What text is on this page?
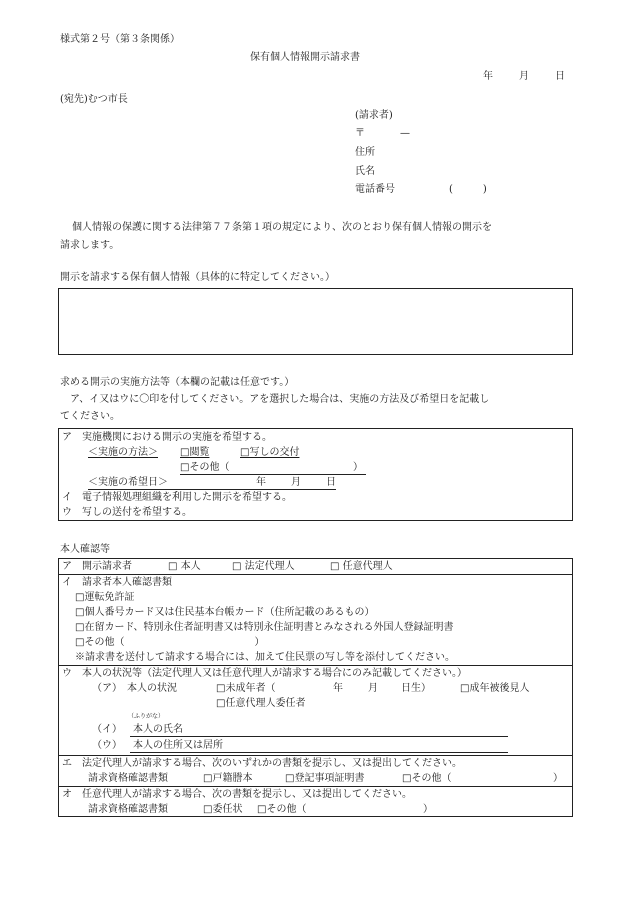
様式第２号（第３条関係）
保有個人情報開示請求書
年	月	日
(宛先)むつ市長
(請求者)
〒	—
住所
氏名
電話番号	(　　　)
個人情報の保護に関する法律第７７条第１項の規定により、次のとおり保有個人情報の開示を
請求します。
開示を請求する保有個人情報（具体的に特定してください。）
求める開示の実施方法等（本欄の記載は任意です。）
ア、イ又はウに〇印を付してください。アを選択した場合は、実施の方法及び希望日を記載し
てください。
ア　実施機関における開示の実施を希望する。
＜実施の方法＞ □閲覧	□写しの交付
□その他（	）
＜実施の希望日＞	年	月	日
イ　電子情報処理組織を利用した開示を希望する。
ウ　写しの送付を希望する。
本人確認等
ア　開示請求者	□ 本人	□ 法定代理人	□ 任意代理人
イ　請求者本人確認書類
□運転免許証
□個人番号カード又は住民基本台帳カード（住所記載のあるもの）
□在留カード、特別永住者証明書又は特別永住証明書とみなされる外国人登録証明書
□その他（　　　　　　　　　　　　　）
※請求書を送付して請求する場合には、加えて住民票の写し等を添付してください。
ウ　本人の状況等（法定代理人又は任意代理人が請求する場合にのみ記載してください。）
（ア）　本人の状況	□未成年者（	年	月 日生）	□成年被後見人
□任意代理人委任者
（ふりがな）
（イ） 本人の氏名
（ウ） 本人の住所又は居所
エ　法定代理人が請求する場合、次のいずれかの書類を提示し、又は提出してください。
請求資格確認書類	□戸籍謄本	□登記事項証明書	□その他（	）
オ　任意代理人が請求する場合、次の書類を提示し、又は提出してください。
請求資格確認書類	□委任状 □その他（	）
